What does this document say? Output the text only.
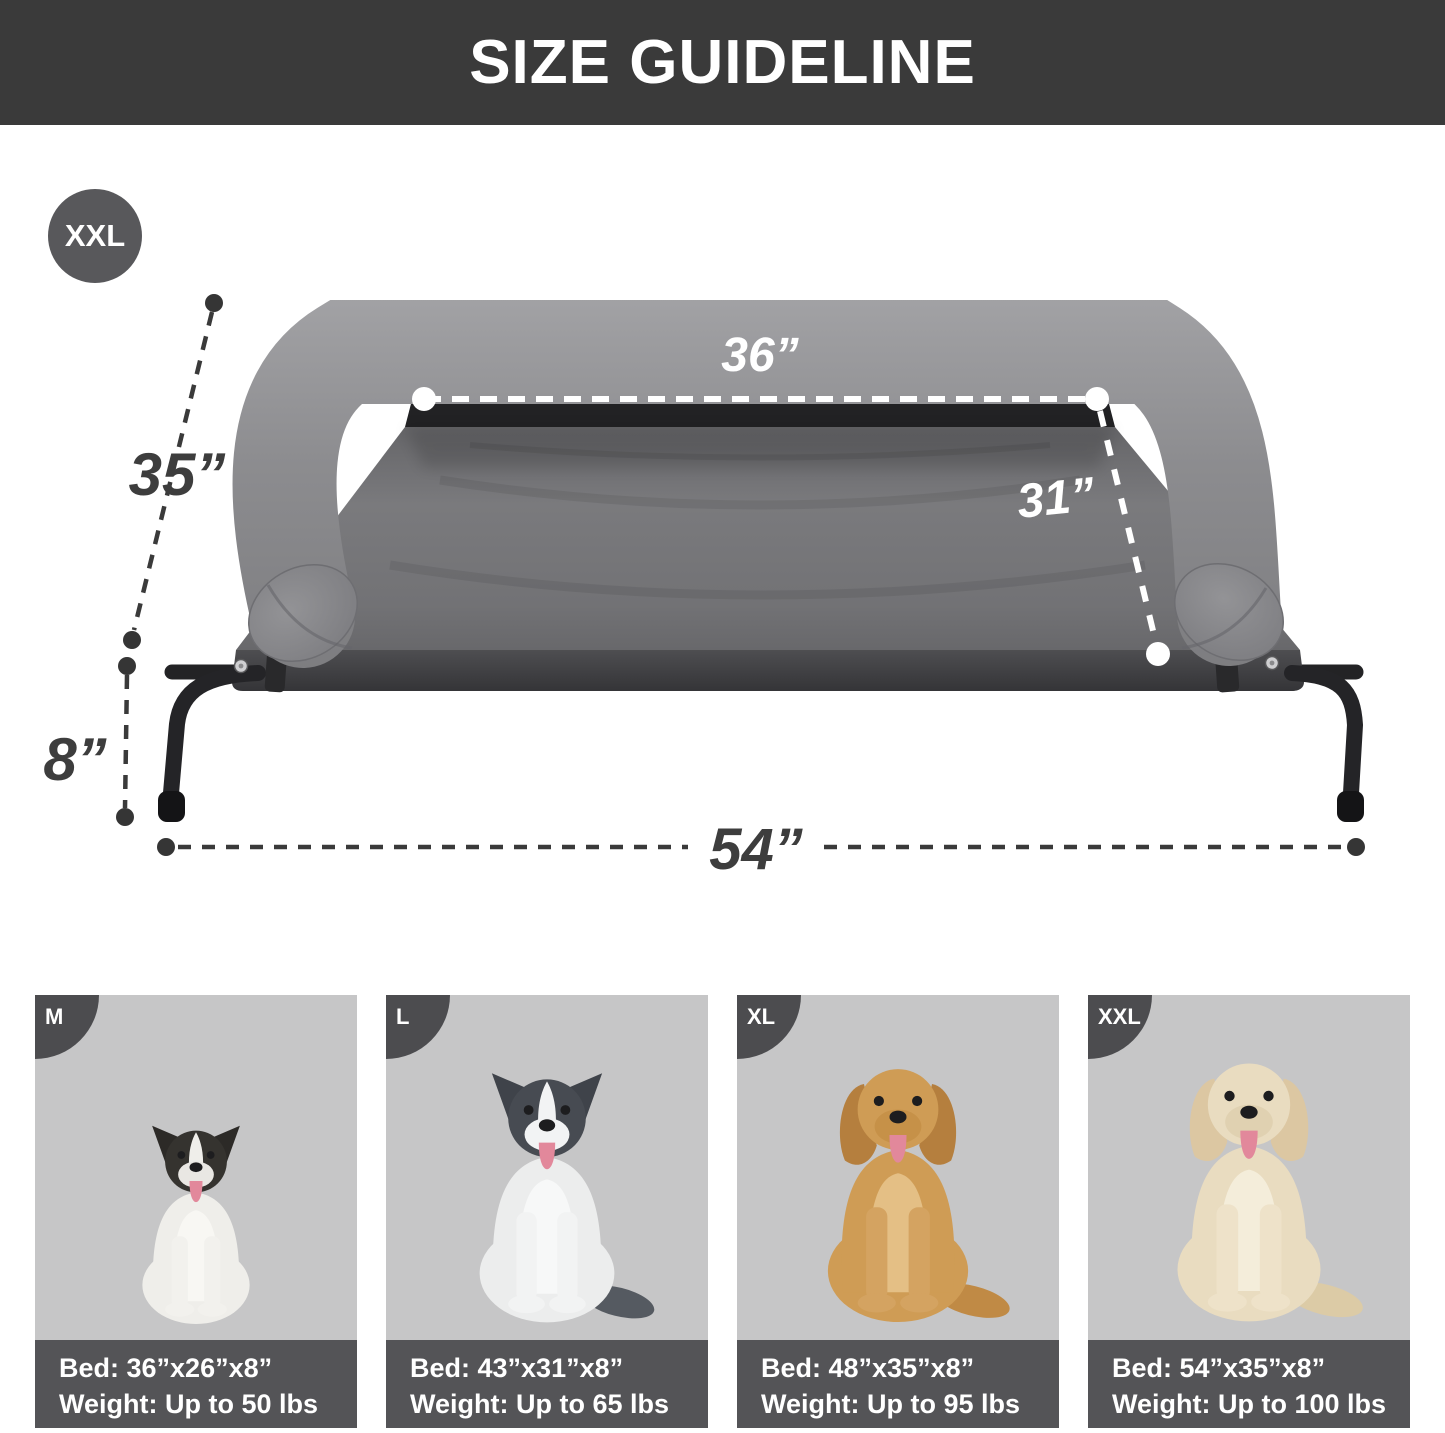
SIZE GUIDELINE
XXL
36”
31”
35”
8”
54”
M
Bed: 36”x26”x8”
Weight: Up to 50 lbs
L
Bed: 43”x31”x8”
Weight: Up to 65 lbs
XL
Bed: 48”x35”x8”
Weight: Up to 95 lbs
XXL
Bed: 54”x35”x8”
Weight: Up to 100 lbs
